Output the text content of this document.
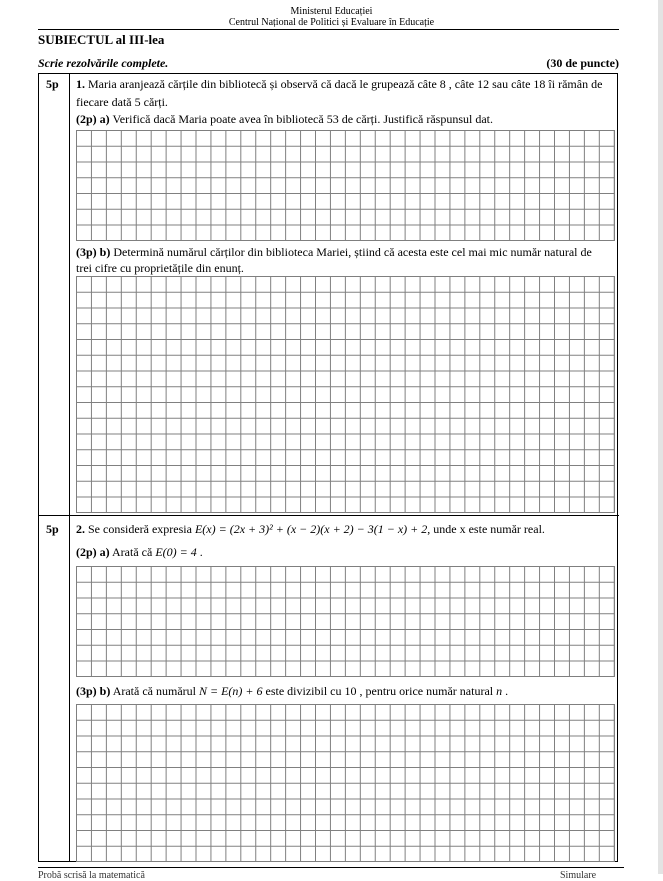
Ministerul Educației
Centrul Național de Politici și Evaluare în Educație
SUBIECTUL al III-lea
Scrie rezolvările complete.	(30 de puncte)
5p 1. Maria aranjează cărțile din bibliotecă și observă că dacă le grupează câte 8 , câte 12 sau câte 18 îi rămân de
fiecare dată 5 cărți.
(2p) a) Verifică dacă Maria poate avea în bibliotecă 53 de cărți. Justifică răspunsul dat.
(3p) b) Determină numărul cărților din biblioteca Mariei, știind că acesta este cel mai mic număr natural de
trei cifre cu proprietățile din enunț.
5p 2. Se consideră expresia E(x) = (2x + 3)² + (x − 2)(x + 2) − 3(1 − x) + 2, unde x este număr real.
(2p) a) Arată că E(0) = 4 .
(3p) b) Arată că numărul N = E(n) + 6 este divizibil cu 10 , pentru orice număr natural n .
Probă scrisă la matematică	Simulare
